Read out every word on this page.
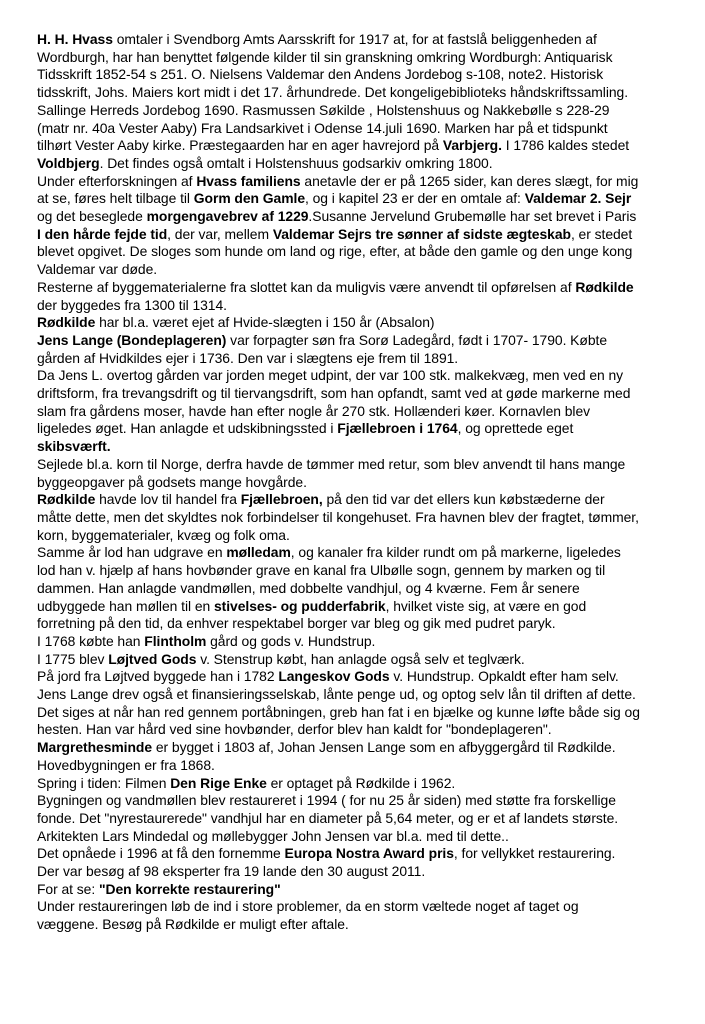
H. H. Hvass omtaler i Svendborg Amts Aarsskrift for 1917 at, for at fastslå beliggenheden af
Wordburgh, har han benyttet følgende kilder til sin granskning omkring Wordburgh: Antiquarisk
Tidsskrift 1852-54 s 251. O. Nielsens Valdemar den Andens Jordebog s-108, note2. Historisk
tidsskrift, Johs. Maiers kort midt i det 17. århundrede. Det kongeligebiblioteks håndskriftssamling.
Sallinge Herreds Jordebog 1690. Rasmussen Søkilde , Holstenshuus og Nakkebølle s 228-29
(matr nr. 40a Vester Aaby) Fra Landsarkivet i Odense 14.juli 1690. Marken har på et tidspunkt
tilhørt Vester Aaby kirke. Præstegaarden har en ager havrejord på Varbjerg. I 1786 kaldes stedet
Voldbjerg. Det findes også omtalt i Holstenshuus godsarkiv omkring 1800.
Under efterforskningen af Hvass familiens anetavle der er på 1265 sider, kan deres slægt, for mig
at se, føres helt tilbage til Gorm den Gamle, og i kapitel 23 er der en omtale af: Valdemar 2. Sejr
og det beseglede morgengavebrev af 1229.Susanne Jervelund Grubemølle har set brevet i Paris
I den hårde fejde tid, der var, mellem Valdemar Sejrs tre sønner af sidste ægteskab, er stedet
blevet opgivet. De sloges som hunde om land og rige, efter, at både den gamle og den unge kong
Valdemar var døde.
Resterne af byggematerialerne fra slottet kan da muligvis være anvendt til opførelsen af Rødkilde
der byggedes fra 1300 til 1314.
Rødkilde har bl.a. været ejet af Hvide-slægten i 150 år (Absalon)
Jens Lange (Bondeplageren) var forpagter søn fra Sorø Ladegård, født i 1707- 1790. Købte
gården af Hvidkildes ejer i 1736. Den var i slægtens eje frem til 1891.
Da Jens L. overtog gården var jorden meget udpint, der var 100 stk. malkekvæg, men ved en ny
driftsform, fra trevangsdrift og til tiervangsdrift, som han opfandt, samt ved at gøde markerne med
slam fra gårdens moser, havde han efter nogle år 270 stk. Hollænderi køer. Kornavlen blev
ligeledes øget. Han anlagde et udskibningssted i Fjællebroen i 1764, og oprettede eget
skibsværft.
Sejlede bl.a. korn til Norge, derfra havde de tømmer med retur, som blev anvendt til hans mange
byggeopgaver på godsets mange hovgårde.
Rødkilde havde lov til handel fra Fjællebroen, på den tid var det ellers kun købstæderne der
måtte dette, men det skyldtes nok forbindelser til kongehuset. Fra havnen blev der fragtet, tømmer,
korn, byggematerialer, kvæg og folk oma.
Samme år lod han udgrave en mølledam, og kanaler fra kilder rundt om på markerne, ligeledes
lod han v. hjælp af hans hovbønder grave en kanal fra Ulbølle sogn, gennem by marken og til
dammen. Han anlagde vandmøllen, med dobbelte vandhjul, og 4 kværne. Fem år senere
udbyggede han møllen til en stivelses- og pudderfabrik, hvilket viste sig, at være en god
forretning på den tid, da enhver respektabel borger var bleg og gik med pudret paryk.
I 1768 købte han Flintholm gård og gods v. Hundstrup.
I 1775 blev Løjtved Gods v. Stenstrup købt, han anlagde også selv et teglværk.
På jord fra Løjtved byggede han i 1782 Langeskov Gods v. Hundstrup. Opkaldt efter ham selv.
Jens Lange drev også et finansieringsselskab, lånte penge ud, og optog selv lån til driften af dette.
Det siges at når han red gennem portåbningen, greb han fat i en bjælke og kunne løfte både sig og
hesten. Han var hård ved sine hovbønder, derfor blev han kaldt for "bondeplageren".
Margrethesminde er bygget i 1803 af, Johan Jensen Lange som en afbyggergård til Rødkilde.
Hovedbygningen er fra 1868.
Spring i tiden: Filmen Den Rige Enke er optaget på Rødkilde i 1962.
Bygningen og vandmøllen blev restaureret i 1994 ( for nu 25 år siden) med støtte fra forskellige
fonde. Det "nyrestaurerede" vandhjul har en diameter på 5,64 meter, og er et af landets største.
Arkitekten Lars Mindedal og møllebygger John Jensen var bl.a. med til dette..
Det opnåede i 1996 at få den fornemme Europa Nostra Award pris, for vellykket restaurering.
Der var besøg af 98 eksperter fra 19 lande den 30 august 2011.
For at se: "Den korrekte restaurering"
Under restaureringen løb de ind i store problemer, da en storm væltede noget af taget og
væggene. Besøg på Rødkilde er muligt efter aftale.
